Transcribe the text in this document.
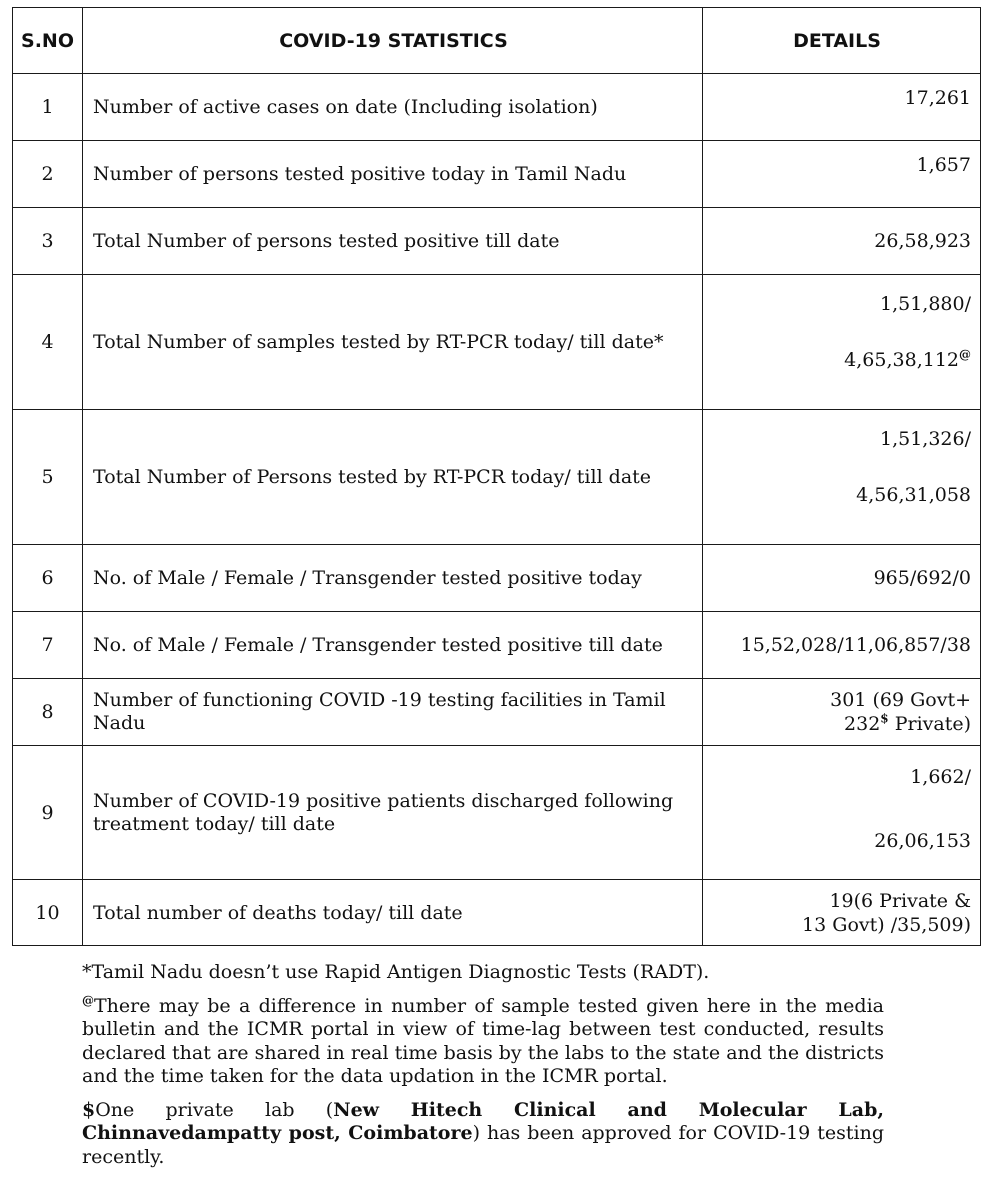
S.NO	COVID-19 STATISTICS	DETAILS
1	Number of active cases on date (Including isolation)	17,261
2	Number of persons tested positive today in Tamil Nadu	1,657
3	Total Number of persons tested positive till date	26,58,923
4	Total Number of samples tested by RT-PCR today/ till date*	1,51,880/
4,65,38,112@

5	Total Number of Persons tested by RT-PCR today/ till date	1,51,326/
4,56,31,058

6	No. of Male / Female / Transgender tested positive today	965/692/0
7	No. of Male / Female / Transgender tested positive till date	15,52,028/11,06,857/38
8	Number of functioning COVID -19 testing facilities in Tamil Nadu	301 (69 Govt+
232$ Private)

9	Number of COVID-19 positive patients discharged following treatment today/ till date	1,662/
26,06,153

10	Total number of deaths today/ till date	19(6 Private &
13 Govt) /35,509)

*Tamil Nadu doesn’t use Rapid Antigen Diagnostic Tests (RADT).

@There may be a difference in number of sample tested given here in the media bulletin and the ICMR portal in view of time-lag between test conducted, results declared that are shared in real time basis by the labs to the state and the districts and the time taken for the data updation in the ICMR portal.

$One private lab (New Hitech Clinical and Molecular Lab, Chinnavedampatty post, Coimbatore) has been approved for COVID-19 testing recently.
